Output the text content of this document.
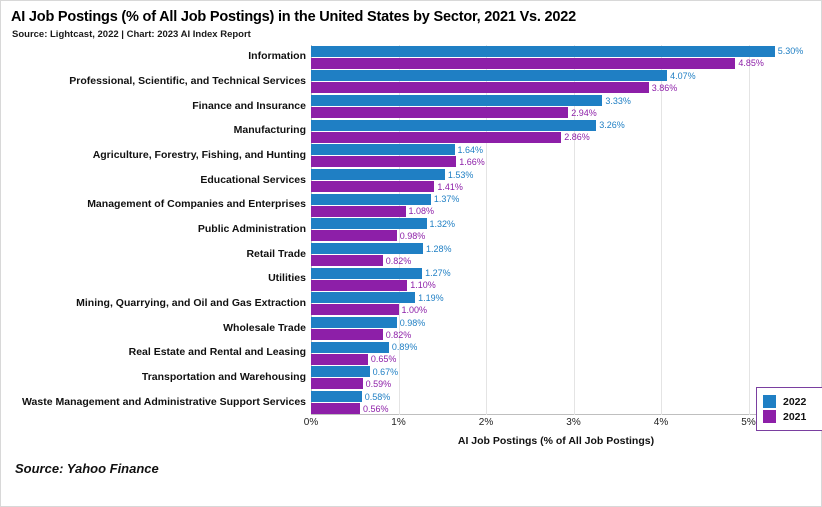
AI Job Postings (% of All Job Postings) in the United States by Sector, 2021 Vs. 2022
Source: Lightcast, 2022 | Chart: 2023 AI Index Report
0%	1%	2%	3%	4%	5%
Information	5.30%
4.85%
Professional, Scientific, and Technical Services	4.07%
3.86%
Finance and Insurance	3.33%
2.94%
Manufacturing	3.26%
2.86%
Agriculture, Forestry, Fishing, and Hunting	1.64%
1.66%
Educational Services	1.53%
1.41%
Management of Companies and Enterprises	1.37%
1.08%
Public Administration	1.32%
0.98%
Retail Trade	1.28%
0.82%
Utilities	1.27%
1.10%
Mining, Quarrying, and Oil and Gas Extraction	1.19%
1.00%
Wholesale Trade	0.98%
0.82%
Real Estate and Rental and Leasing	0.89%
0.65%
Transportation and Warehousing	0.67%
0.59%
Waste Management and Administrative Support Services	0.58%
0.56%
AI Job Postings (% of All Job Postings)
2022
2021
Source: Yahoo Finance
